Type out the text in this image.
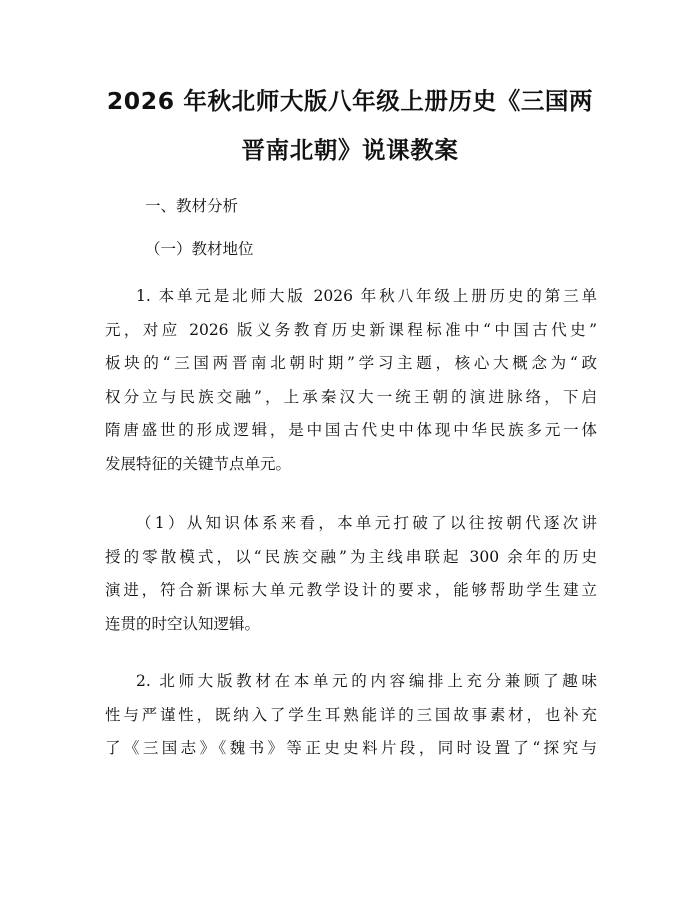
2026 年秋北师大版八年级上册历史《三国两
晋南北朝》说课教案
一、教材分析
（一）教材地位
1. 本单元是北师大版 2026 年秋八年级上册历史的第三单
元，对应 2026 版义务教育历史新课程标准中“中国古代史”
板块的“三国两晋南北朝时期”学习主题，核心大概念为“政
权分立与民族交融”，上承秦汉大一统王朝的演进脉络，下启
隋唐盛世的形成逻辑，是中国古代史中体现中华民族多元一体
发展特征的关键节点单元。
（1）从知识体系来看，本单元打破了以往按朝代逐次讲
授的零散模式，以“民族交融”为主线串联起 300 余年的历史
演进，符合新课标大单元教学设计的要求，能够帮助学生建立
连贯的时空认知逻辑。
2. 北师大版教材在本单元的内容编排上充分兼顾了趣味
性与严谨性，既纳入了学生耳熟能详的三国故事素材，也补充
了《三国志》《魏书》等正史史料片段，同时设置了“探究与
